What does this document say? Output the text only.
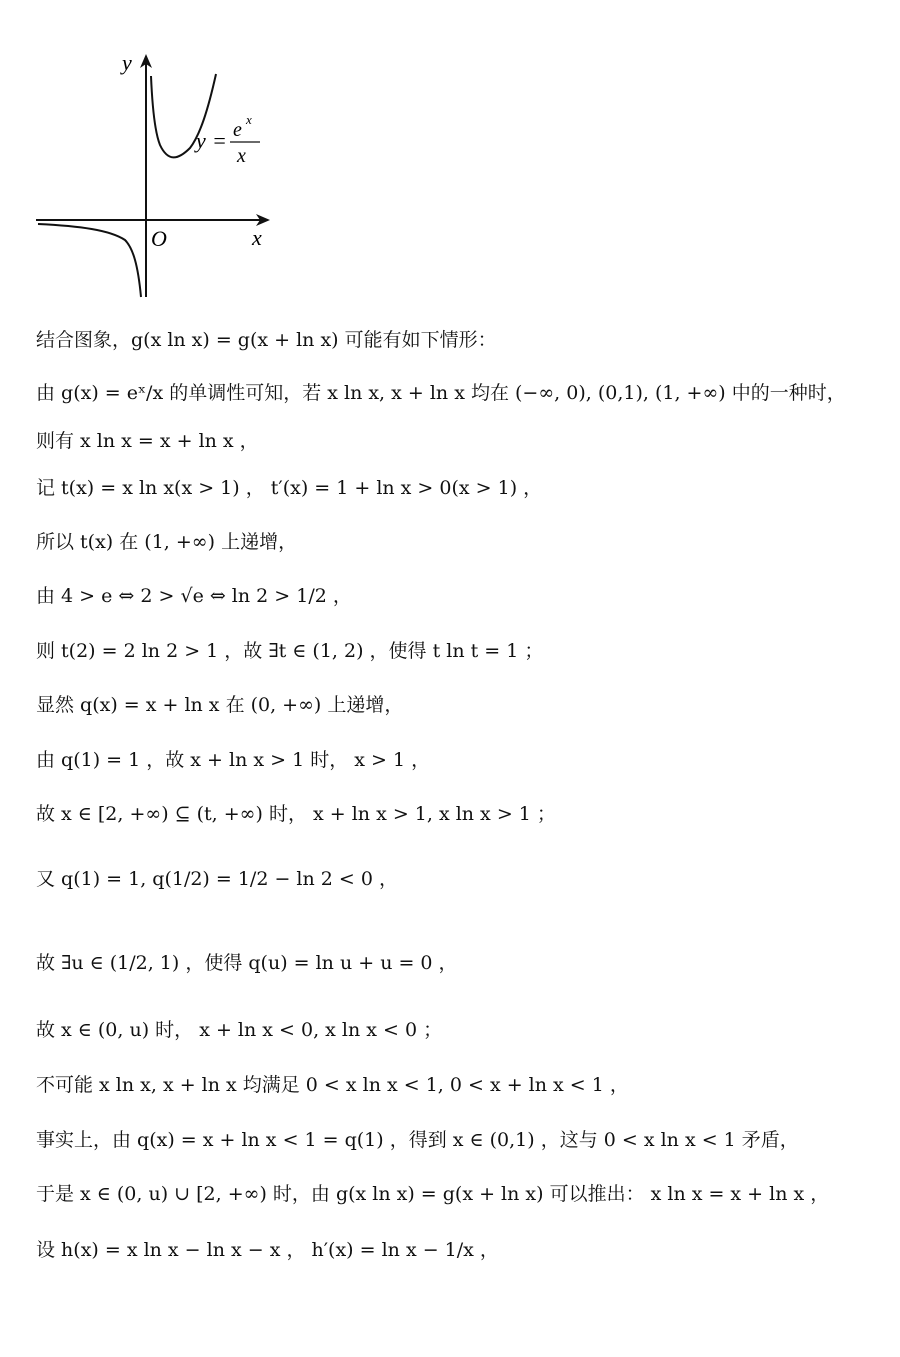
y
x
O
y = e x
x
结合图象，g(x ln x) = g(x + ln x) 可能有如下情形：
由 g(x) = eˣ/x 的单调性可知，若 x ln x, x + ln x 均在 (−∞, 0), (0,1), (1, +∞) 中的一种时，
则有 x ln x = x + ln x ，
记 t(x) = x ln x(x > 1) ， t′(x) = 1 + ln x > 0(x > 1) ，
所以 t(x) 在 (1, +∞) 上递增，
由 4 > e ⇔ 2 > √e ⇔ ln 2 > 1/2 ，
则 t(2) = 2 ln 2 > 1 ，故 ∃t ∈ (1, 2) ，使得 t ln t = 1 ；
显然 q(x) = x + ln x 在 (0, +∞) 上递增，
由 q(1) = 1 ，故 x + ln x > 1 时， x > 1 ，
故 x ∈ [2, +∞) ⊆ (t, +∞) 时， x + ln x > 1, x ln x > 1 ；
又 q(1) = 1, q(1/2) = 1/2 − ln 2 < 0 ，
故 ∃u ∈ (1/2, 1) ，使得 q(u) = ln u + u = 0 ，
故 x ∈ (0, u) 时， x + ln x < 0, x ln x < 0 ；
不可能 x ln x, x + ln x 均满足 0 < x ln x < 1, 0 < x + ln x < 1 ，
事实上，由 q(x) = x + ln x < 1 = q(1) ，得到 x ∈ (0,1) ，这与 0 < x ln x < 1 矛盾，
于是 x ∈ (0, u) ∪ [2, +∞) 时，由 g(x ln x) = g(x + ln x) 可以推出： x ln x = x + ln x ，
设 h(x) = x ln x − ln x − x ， h′(x) = ln x − 1/x ，
